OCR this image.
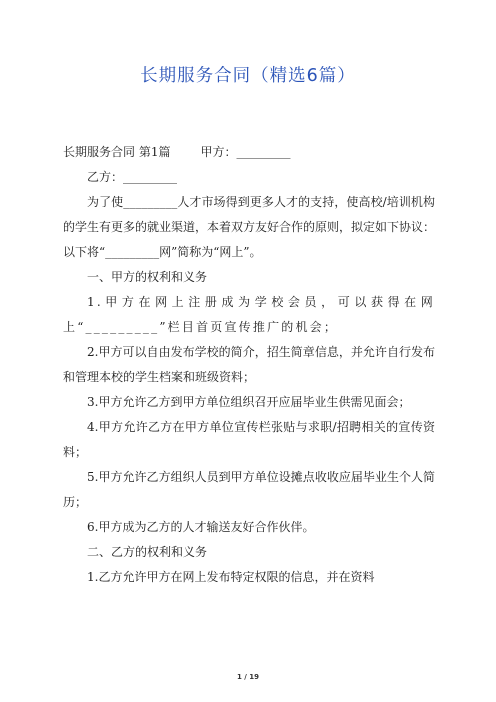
长期服务合同（精选6篇）

长期服务合同 第1篇	甲方：_________

乙方：_________

为了使_________人才市场得到更多人才的支持，使高校/培训机构的学生有更多的就业渠道，本着双方友好合作的原则，拟定如下协议：以下将“_________网”简称为“网上”。

一、甲方的权利和义务

1.甲方在网上注册成为学校会员，可以获得在网上“_________”栏目首页宣传推广的机会；

2.甲方可以自由发布学校的简介，招生简章信息，并允许自行发布和管理本校的学生档案和班级资料；

3.甲方允许乙方到甲方单位组织召开应届毕业生供需见面会；

4.甲方允许乙方在甲方单位宣传栏张贴与求职/招聘相关的宣传资料；

5.甲方允许乙方组织人员到甲方单位设摊点收收应届毕业生个人简历；

6.甲方成为乙方的人才输送友好合作伙伴。

二、乙方的权利和义务

1.乙方允许甲方在网上发布特定权限的信息，并在资料

1 / 19
